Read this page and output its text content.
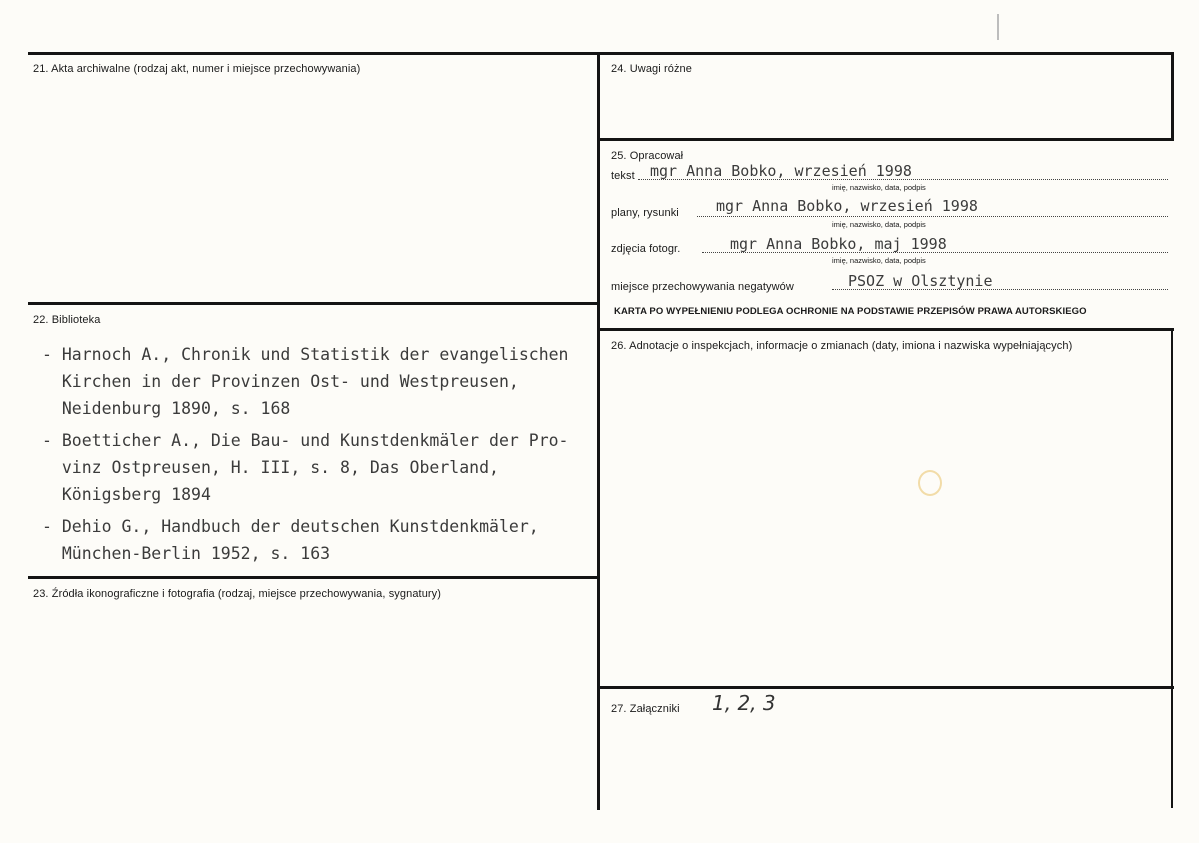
21. Akta archiwalne (rodzaj akt, numer i miejsce przechowywania)
22. Biblioteka
- Harnoch A., Chronik und Statistik der evangelischen
Kirchen in der Provinzen Ost- und Westpreusen,
Neidenburg 1890, s. 168
- Boetticher A., Die Bau- und Kunstdenkmäler der Pro-
vinz Ostpreusen, H. III, s. 8, Das Oberland,
Königsberg 1894
- Dehio G., Handbuch der deutschen Kunstdenkmäler,
München-Berlin 1952, s. 163
23. Źródła ikonograficzne i fotografia (rodzaj, miejsce przechowywania, sygnatury)
24. Uwagi różne
25. Opracował
tekst mgr Anna Bobko, wrzesień 1998
imię, nazwisko, data, podpis
plany, rysunki mgr Anna Bobko, wrzesień 1998
imię, nazwisko, data, podpis
zdjęcia fotogr.	mgr Anna Bobko, maj 1998
imię, nazwisko, data, podpis
miejsce przechowywania negatywów	PSOZ w Olsztynie
KARTA PO WYPEŁNIENIU PODLEGA OCHRONIE NA PODSTAWIE PRZEPISÓW PRAWA AUTORSKIEGO
26. Adnotacje o inspekcjach, informacje o zmianach (daty, imiona i nazwiska wypełniających)
27. Załączniki 1, 2, 3
